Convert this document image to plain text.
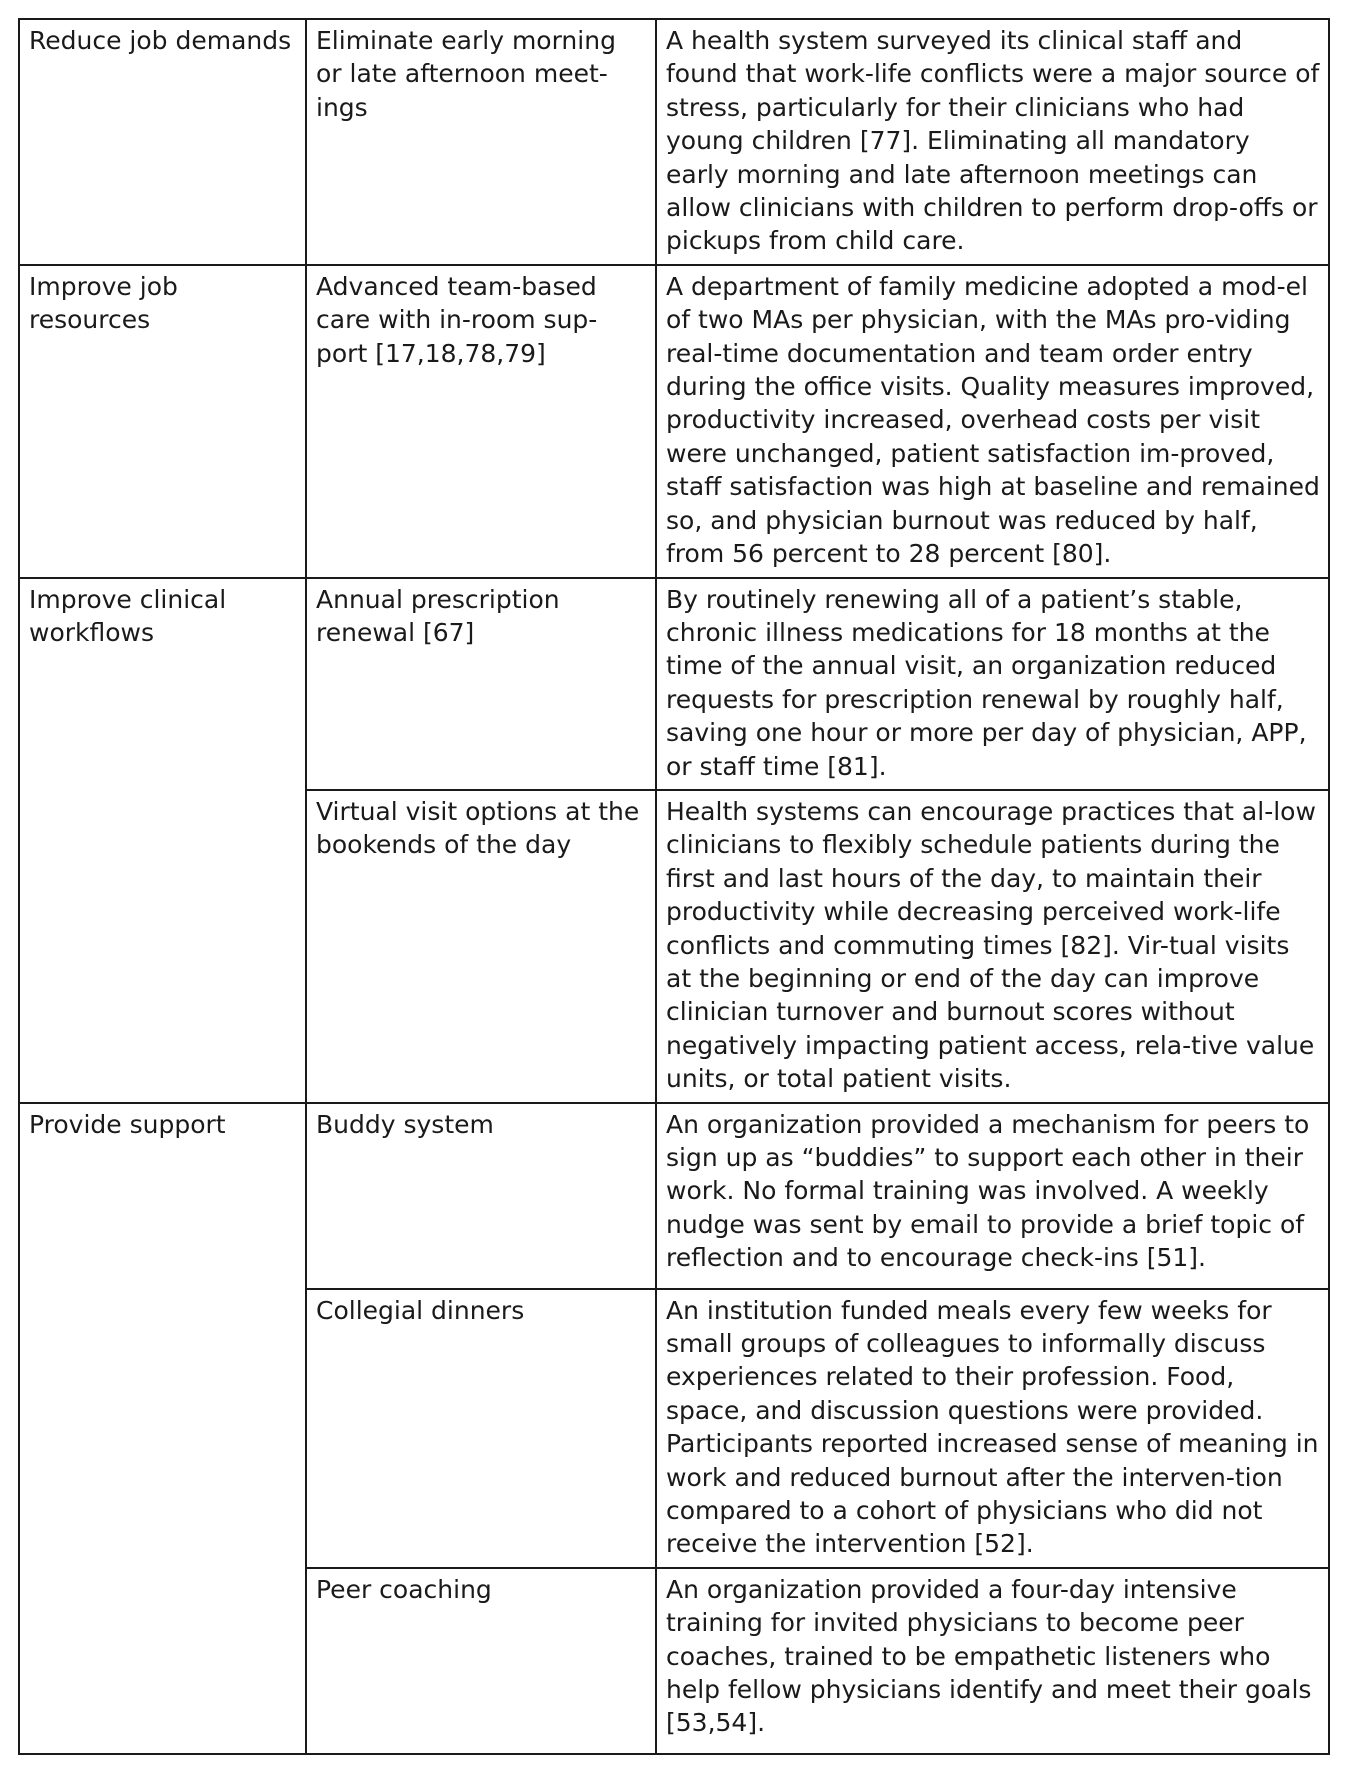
Reduce job demands	Eliminate early morning or late afternoon meet-ings	A health system surveyed its clinical staff and found that work-life conflicts were a major source of stress, particularly for their clinicians who had young children [77]. Eliminating all mandatory early morning and late afternoon meetings can allow clinicians with children to perform drop-offs or pickups from child care.
Improve job resources	Advanced team-based care with in-room sup-port [17,18,78,79]	A department of family medicine adopted a mod-el of two MAs per physician, with the MAs pro-viding real-time documentation and team order entry during the office visits. Quality measures improved, productivity increased, overhead costs per visit were unchanged, patient satisfaction im-proved, staff satisfaction was high at baseline and remained so, and physician burnout was reduced by half, from 56 percent to 28 percent [80].
Improve clinical workflows	Annual prescription renewal [67]	By routinely renewing all of a patient’s stable, chronic illness medications for 18 months at the time of the annual visit, an organization reduced requests for prescription renewal by roughly half, saving one hour or more per day of physician, APP, or staff time [81].
	Virtual visit options at the bookends of the day	Health systems can encourage practices that al-low clinicians to flexibly schedule patients during the first and last hours of the day, to maintain their productivity while decreasing perceived work-life conflicts and commuting times [82]. Vir-tual visits at the beginning or end of the day can improve clinician turnover and burnout scores without negatively impacting patient access, rela-tive value units, or total patient visits.
Provide support	Buddy system	An organization provided a mechanism for peers to sign up as “buddies” to support each other in their work. No formal training was involved. A weekly nudge was sent by email to provide a brief topic of reflection and to encourage check-ins [51].
	Collegial dinners	An institution funded meals every few weeks for small groups of colleagues to informally discuss experiences related to their profession. Food, space, and discussion questions were provided. Participants reported increased sense of meaning in work and reduced burnout after the interven-tion compared to a cohort of physicians who did not receive the intervention [52].
	Peer coaching	An organization provided a four-day intensive training for invited physicians to become peer coaches, trained to be empathetic listeners who help fellow physicians identify and meet their goals [53,54].
